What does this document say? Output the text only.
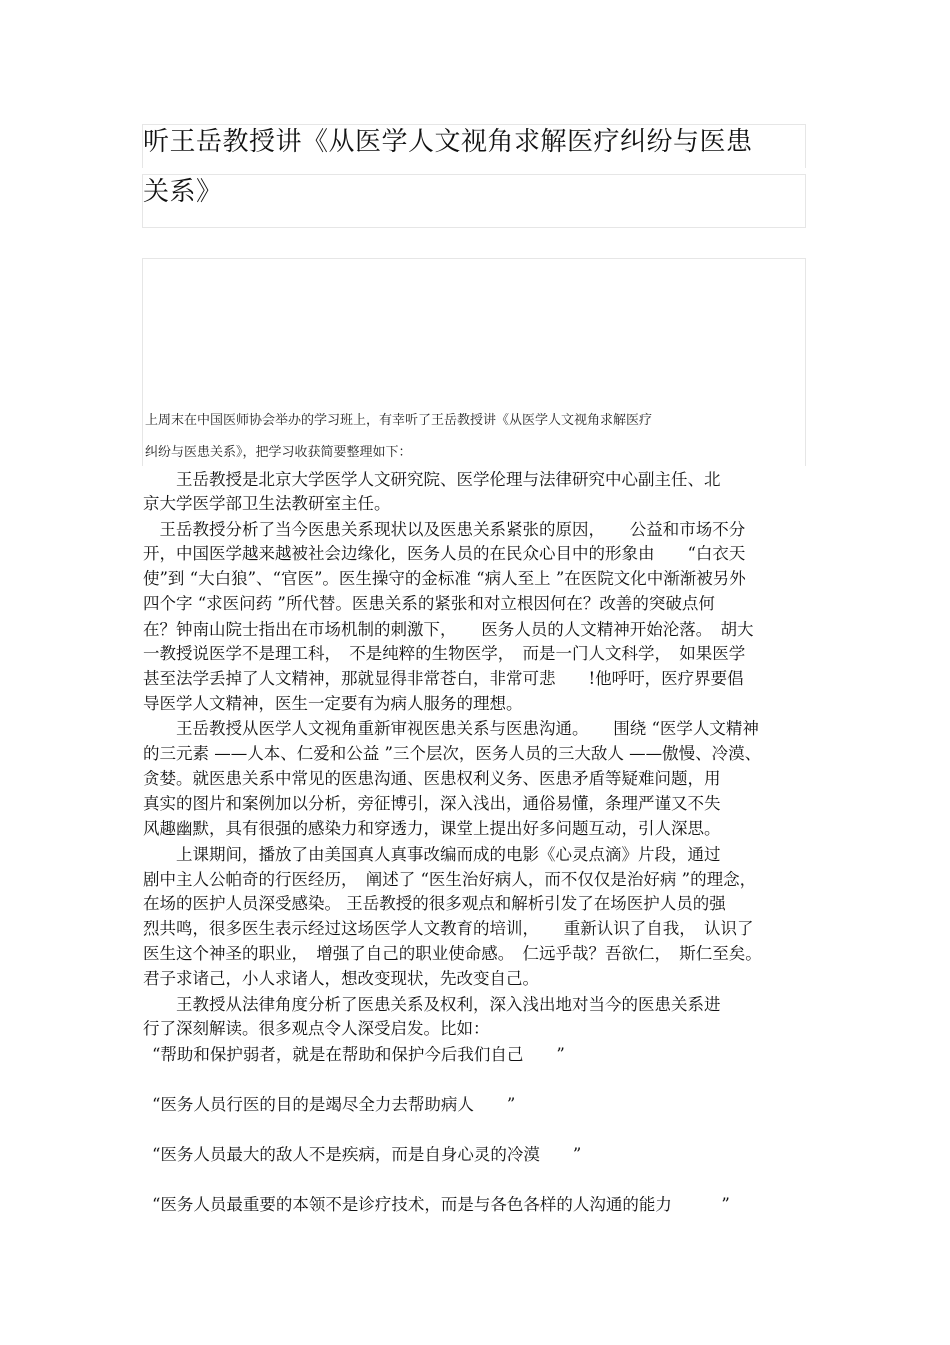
听王岳教授讲《从医学人文视角求解医疗纠纷与医患
关系》
上周末在中国医师协会举办的学习班上，有幸听了王岳教授讲《从医学人文视角求解医疗
纠纷与医患关系》，把学习收获简要整理如下：
　　王岳教授是北京大学医学人文研究院、医学伦理与法律研究中心副主任、北
京大学医学部卫生法教研室主任。
　王岳教授分析了当今医患关系现状以及医患关系紧张的原因，　　公益和市场不分
开，中国医学越来越被社会边缘化，医务人员的在民众心目中的形象由　　“白衣天
使”到 “大白狼”、“官医”。医生操守的金标准 “病人至上 ”在医院文化中渐渐被另外
四个字 “求医问药 ”所代替。医患关系的紧张和对立根因何在？改善的突破点何
在？钟南山院士指出在市场机制的刺激下，　　医务人员的人文精神开始沦落。　胡大
一教授说医学不是理工科，　不是纯粹的生物医学，　而是一门人文科学，　如果医学
甚至法学丢掉了人文精神，那就显得非常苍白，非常可悲　　!他呼吁，医疗界要倡
导医学人文精神，医生一定要有为病人服务的理想。
　　王岳教授从医学人文视角重新审视医患关系与医患沟通。　　围绕 “医学人文精神
的三元素 ——人本、仁爱和公益 ”三个层次，医务人员的三大敌人 ——傲慢、冷漠、
贪婪。就医患关系中常见的医患沟通、医患权利义务、医患矛盾等疑难问题，用
真实的图片和案例加以分析，旁征博引，深入浅出，通俗易懂，条理严谨又不失
风趣幽默，具有很强的感染力和穿透力，课堂上提出好多问题互动，引人深思。
　　上课期间，播放了由美国真人真事改编而成的电影《心灵点滴》片段，通过
剧中主人公帕奇的行医经历，　阐述了 “医生治好病人，而不仅仅是治好病 ”的理念，
在场的医护人员深受感染。 王岳教授的很多观点和解析引发了在场医护人员的强
烈共鸣，很多医生表示经过这场医学人文教育的培训，　　重新认识了自我，　认识了
医生这个神圣的职业，　增强了自己的职业使命感。　仁远乎哉？吾欲仁，　斯仁至矣。
君子求诸己，小人求诸人，想改变现状，先改变自己。
　　王教授从法律角度分析了医患关系及权利，深入浅出地对当今的医患关系进
行了深刻解读。很多观点令人深受启发。比如：
“帮助和保护弱者，就是在帮助和保护今后我们自己　　”
“医务人员行医的目的是竭尽全力去帮助病人　　”
“医务人员最大的敌人不是疾病，而是自身心灵的冷漠　　”
“医务人员最重要的本领不是诊疗技术，而是与各色各样的人沟通的能力　　　”
